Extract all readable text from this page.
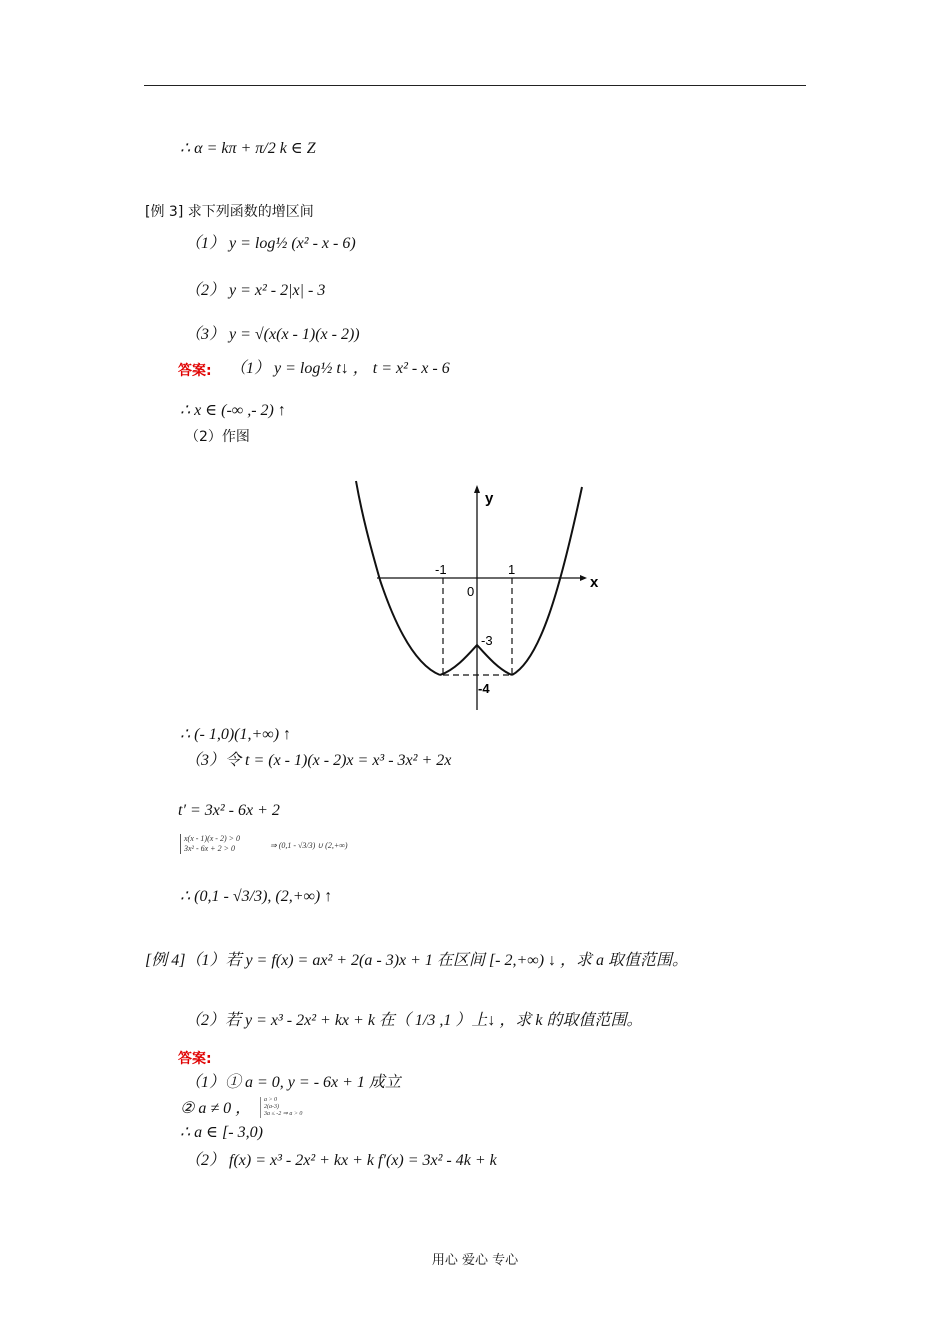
∴ α = kπ + π/2 k ∈ Z
[例 3] 求下列函数的增区间
（1） y = log½ (x² - x - 6)
（2） y = x² - 2|x| - 3
（3） y = √(x(x - 1)(x - 2))
答案: （1） y = log½ t↓ ， t = x² - x - 6
∴ x ∈ (-∞ ,- 2) ↑
（2）作图
y
x
0
-1	1
-3
-4
∴ (- 1,0)(1,+∞) ↑
（3）令 t = (x - 1)(x - 2)x = x³ - 3x² + 2x
t′ = 3x² - 6x + 2
x(x - 1)(x - 2) > 0
3x² - 6x + 2 > 0	⇒ (0,1 - √3/3) ∪ (2,+∞)
∴ (0,1 - √3/3), (2,+∞) ↑
[例 4]（1）若 y = f(x) = ax² + 2(a - 3)x + 1 在区间 [- 2,+∞) ↓ ，求 a 取值范围。
（2）若 y = x³ - 2x² + kx + k 在（ 1/3 ,1 ）上↓ ，求 k 的取值范围。
答案:
（1）① a = 0, y = - 6x + 1 成立
② a ≠ 0 ， a > 0
2(a-3)
3a ≤ -2 ⇒ a > 0
∴ a ∈ [- 3,0)
（2） f(x) = x³ - 2x² + kx + k f′(x) = 3x² - 4k + k
用心 爱心 专心
